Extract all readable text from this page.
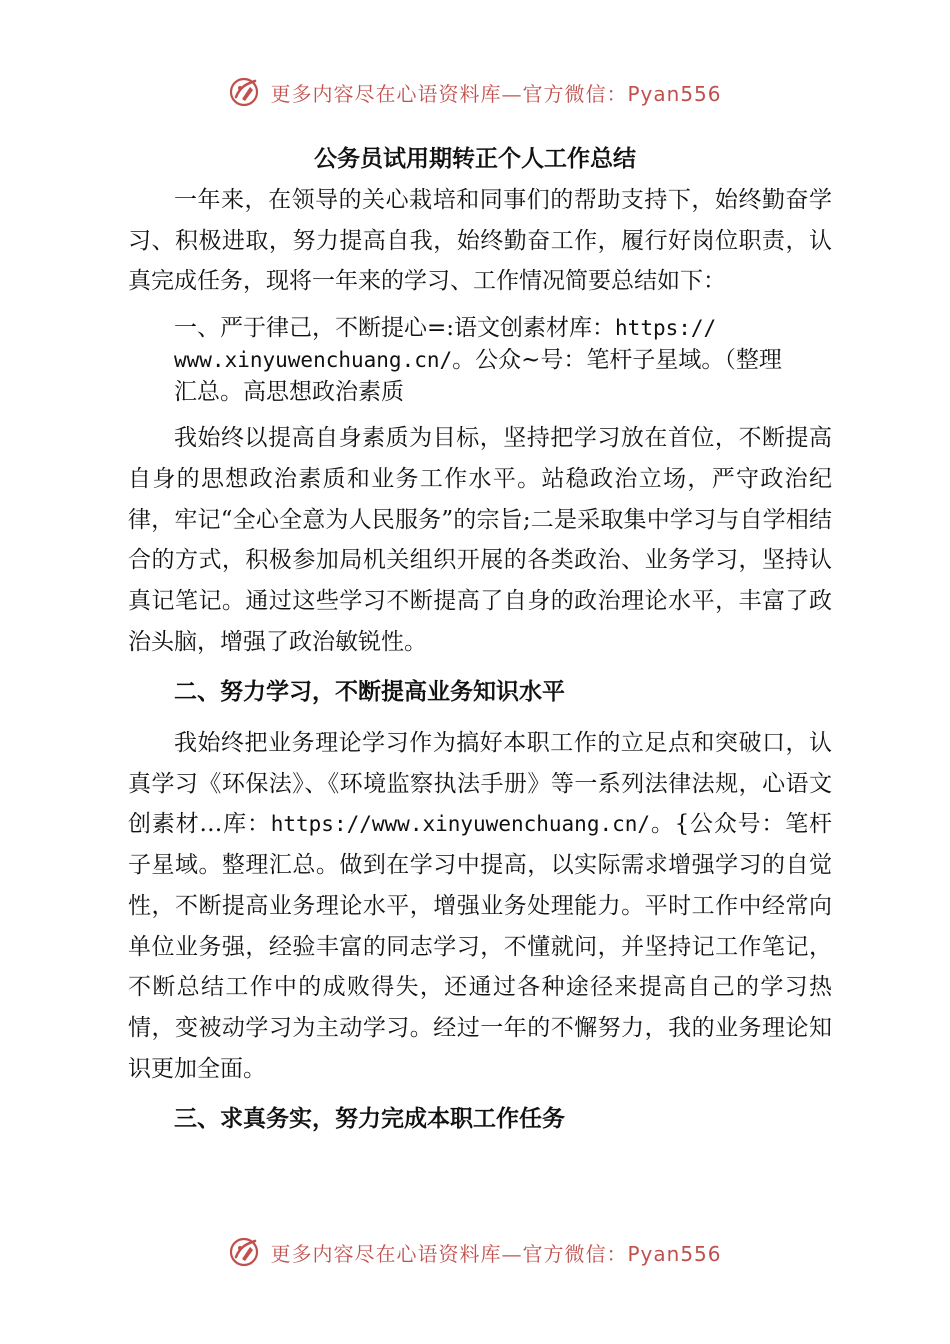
更多内容尽在心语资料库—官方微信：Pyan556
公务员试用期转正个人工作总结

一年来，在领导的关心栽培和同事们的帮助支持下，始终勤奋学习、积极进取，努力提高自我，始终勤奋工作，履行好岗位职责，认真完成任务，现将一年来的学习、工作情况简要总结如下：

一、严于律己，不断提心=:语文创素材库：https://
www.xinyuwenchuang.cn/。公众~号：笔杆子星域。（整理
汇总。高思想政治素质

我始终以提高自身素质为目标，坚持把学习放在首位，不断提高自身的思想政治素质和业务工作水平。站稳政治立场，严守政治纪律，牢记“全心全意为人民服务”的宗旨;二是采取集中学习与自学相结合的方式，积极参加局机关组织开展的各类政治、业务学习，坚持认真记笔记。通过这些学习不断提高了自身的政治理论水平，丰富了政治头脑，增强了政治敏锐性。

二、努力学习，不断提高业务知识水平

我始终把业务理论学习作为搞好本职工作的立足点和突破口，认真学习《环保法》、《环境监察执法手册》等一系列法律法规，心语文创素材…库：https://www.xinyuwenchuang.cn/。{公众号：笔杆子星域。整理汇总。做到在学习中提高，以实际需求增强学习的自觉性，不断提高业务理论水平，增强业务处理能力。平时工作中经常向单位业务强，经验丰富的同志学习，不懂就问，并坚持记工作笔记，不断总结工作中的成败得失，还通过各种途径来提高自己的学习热情，变被动学习为主动学习。经过一年的不懈努力，我的业务理论知识更加全面。

三、求真务实，努力完成本职工作任务
更多内容尽在心语资料库—官方微信：Pyan556
